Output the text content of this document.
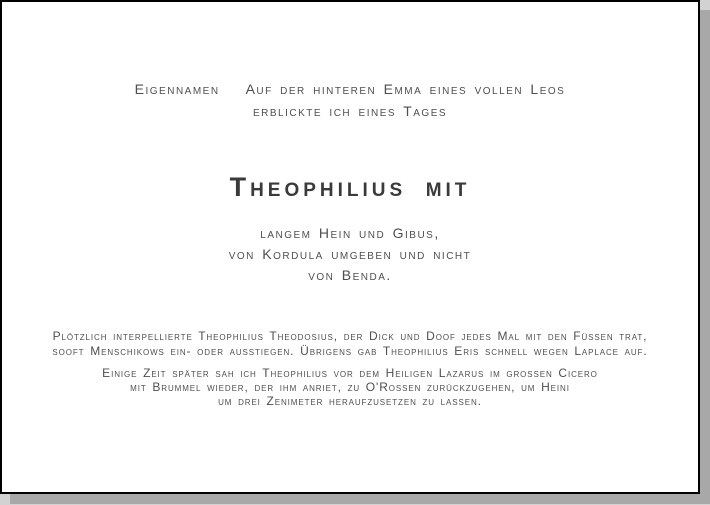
Eigennamen Auf der hinteren Emma eines vollen Leos
erblickte ich eines Tages
Theophilius mit
langem Hein und Gibus,
von Kordula umgeben und nicht
von Benda.

Plötzlich interpellierte Theophilius Theodosius, der Dick und Doof jedes Mal mit den Füssen trat,
sooft Menschikows ein- oder ausstiegen. Übrigens gab Theophilius Eris schnell wegen Laplace auf.

Einige Zeit später sah ich Theophilius vor dem Heiligen Lazarus im grossen Cicero
mit Brummel wieder, der ihm anriet, zu O'Rossen zurückzugehen, um Heini
um drei Zenimeter heraufzusetzen zu lassen.
